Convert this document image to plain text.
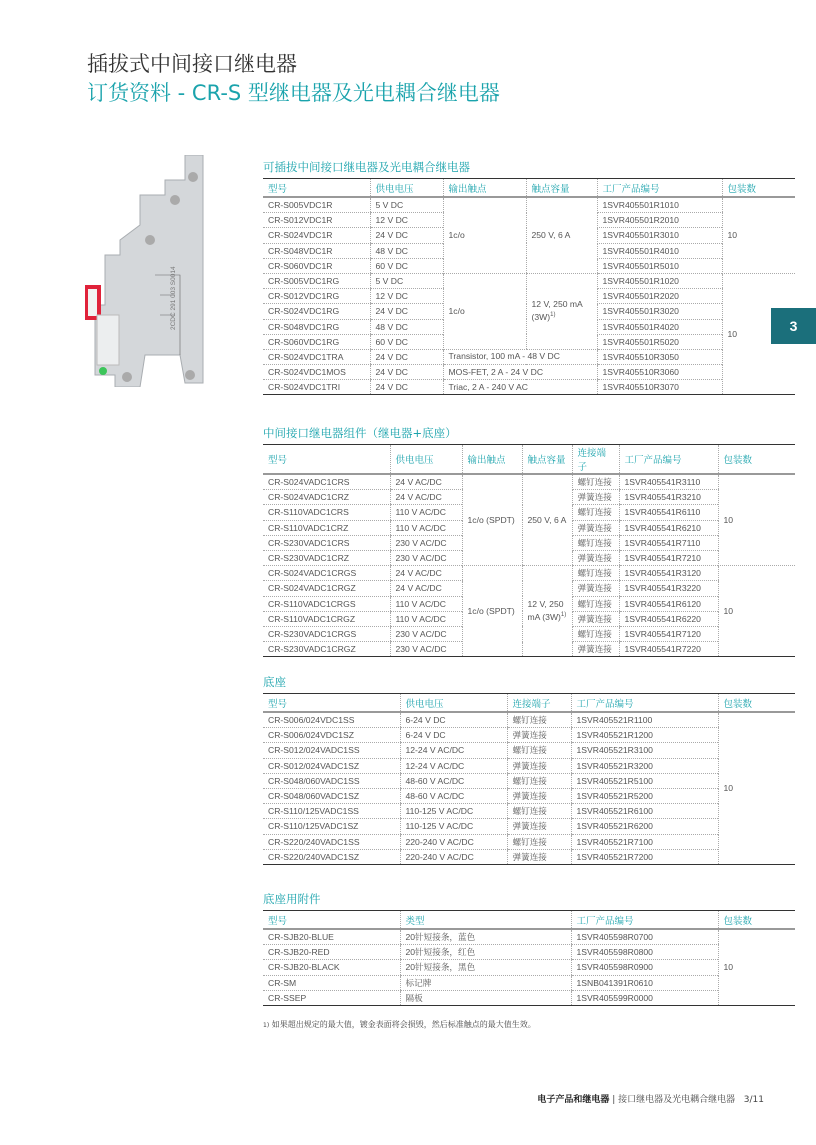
插拔式中间接口继电器
订货资料 - CR-S 型继电器及光电耦合继电器
3
2CDC 291 003 S0014
可插拔中间接口继电器及光电耦合继电器
型号	供电电压	输出触点	触点容量	工厂产品编号	包装数
CR-S005VDC1R	5 V DC	1c/o	250 V, 6 A	1SVR405501R1010	10
CR-S012VDC1R	12 V DC			1SVR405501R2010	
CR-S024VDC1R	24 V DC			1SVR405501R3010	
CR-S048VDC1R	48 V DC			1SVR405501R4010	
CR-S060VDC1R	60 V DC			1SVR405501R5010	
CR-S005VDC1RG	5 V DC	1c/o	12 V, 250 mA $(3W)^{1)}$	1SVR405501R1020	10
CR-S012VDC1RG	12 V DC			1SVR405501R2020	
CR-S024VDC1RG	24 V DC			1SVR405501R3020	
CR-S048VDC1RG	48 V DC			1SVR405501R4020	
CR-S060VDC1RG	60 V DC			1SVR405501R5020	
CR-S024VDC1TRA	24 V DC	Transistor, 100 mA - 48 V DC		1SVR405510R3050	
CR-S024VDC1MOS	24 V DC	MOS-FET, 2 A - 24 V DC		1SVR405510R3060	
CR-S024VDC1TRI	24 V DC	Triac, 2 A - 240 V AC		1SVR405510R3070	
中间接口继电器组件（继电器+底座）
型号	供电电压	输出触点	触点容量	连接端子	工厂产品编号	包装数
CR-S024VADC1CRS	24 V AC/DC	1c/o (SPDT)	250 V, 6 A	螺钉连接	1SVR405541R3110	10
CR-S024VADC1CRZ	24 V AC/DC			弹簧连接	1SVR405541R3210	
CR-S110VADC1CRS	110 V AC/DC			螺钉连接	1SVR405541R6110	
CR-S110VADC1CRZ	110 V AC/DC			弹簧连接	1SVR405541R6210	
CR-S230VADC1CRS	230 V AC/DC			螺钉连接	1SVR405541R7110	
CR-S230VADC1CRZ	230 V AC/DC			弹簧连接	1SVR405541R7210	
CR-S024VADC1CRGS	24 V AC/DC	1c/o (SPDT)	12 V, 250 mA $(3W)^{1)}$	螺钉连接	1SVR405541R3120	10
CR-S024VADC1CRGZ	24 V AC/DC			弹簧连接	1SVR405541R3220	
CR-S110VADC1CRGS	110 V AC/DC			螺钉连接	1SVR405541R6120	
CR-S110VADC1CRGZ	110 V AC/DC			弹簧连接	1SVR405541R6220	
CR-S230VADC1CRGS	230 V AC/DC			螺钉连接	1SVR405541R7120	
CR-S230VADC1CRGZ	230 V AC/DC			弹簧连接	1SVR405541R7220	
底座
型号	供电电压	连接端子	工厂产品编号	包装数
CR-S006/024VDC1SS	6-24 V DC	螺钉连接	1SVR405521R1100	10
CR-S006/024VDC1SZ	6-24 V DC	弹簧连接	1SVR405521R1200	
CR-S012/024VADC1SS	12-24 V AC/DC	螺钉连接	1SVR405521R3100	
CR-S012/024VADC1SZ	12-24 V AC/DC	弹簧连接	1SVR405521R3200	
CR-S048/060VADC1SS	48-60 V AC/DC	螺钉连接	1SVR405521R5100	
CR-S048/060VADC1SZ	48-60 V AC/DC	弹簧连接	1SVR405521R5200	
CR-S110/125VADC1SS	110-125 V AC/DC	螺钉连接	1SVR405521R6100	
CR-S110/125VADC1SZ	110-125 V AC/DC	弹簧连接	1SVR405521R6200	
CR-S220/240VADC1SS	220-240 V AC/DC	螺钉连接	1SVR405521R7100	
CR-S220/240VADC1SZ	220-240 V AC/DC	弹簧连接	1SVR405521R7200	
底座用附件
型号	类型	工厂产品编号	包装数
CR-SJB20-BLUE	20针短接条，蓝色	1SVR405598R0700	10
CR-SJB20-RED	20针短接条，红色	1SVR405598R0800	
CR-SJB20-BLACK	20针短接条，黑色	1SVR405598R0900	
CR-SM	标记牌	1SNB041391R0610	
CR-SSEP	隔板	1SVR405599R0000	
1) 如果超出规定的最大值，镀金表面将会损毁，然后标准触点的最大值生效。
电子产品和继电器 | 接口继电器及光电耦合继电器 3/11
